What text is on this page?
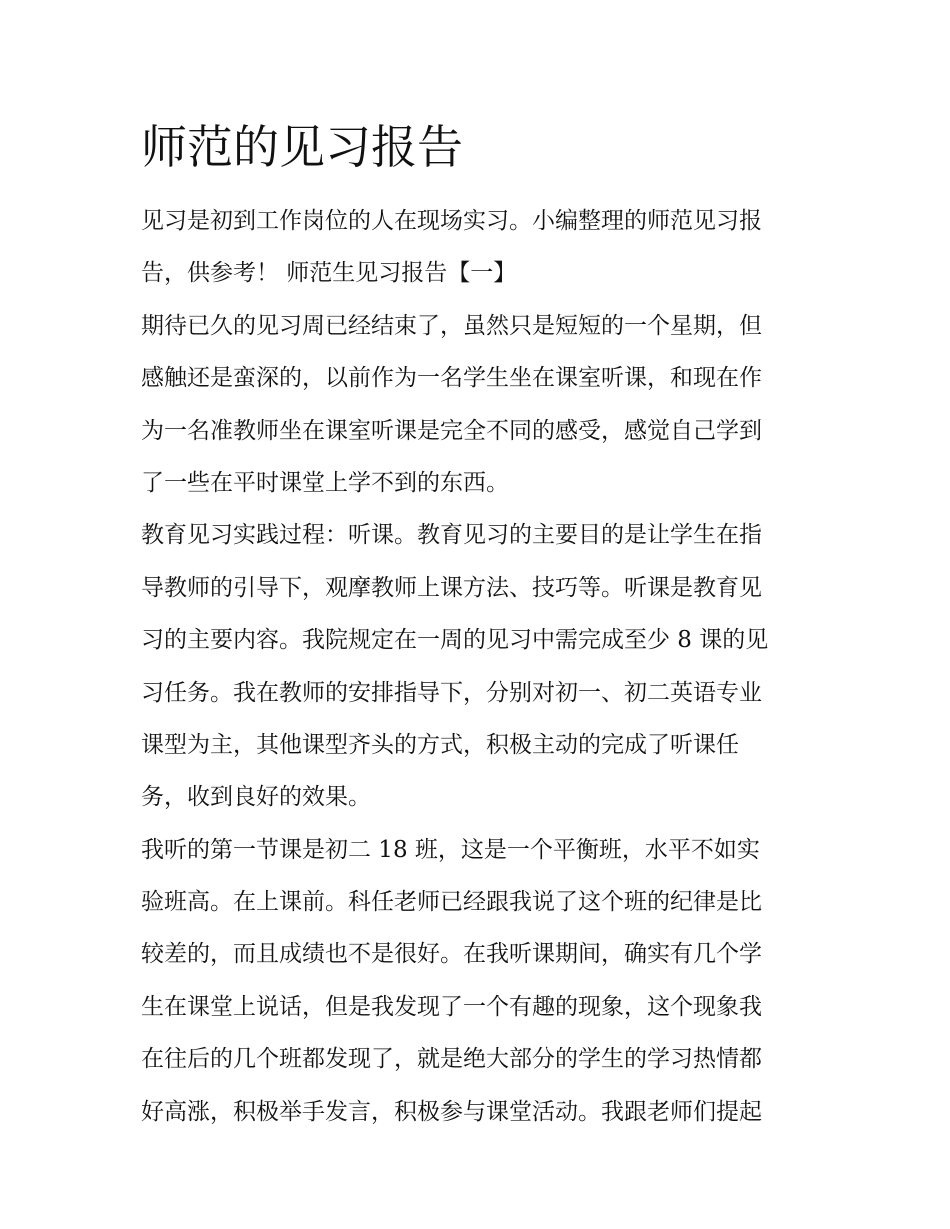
师范的见习报告
见习是初到工作岗位的人在现场实习。小编整理的师范见习报
告，供参考！ 师范生见习报告【一】
期待已久的见习周已经结束了，虽然只是短短的一个星期，但
感触还是蛮深的，以前作为一名学生坐在课室听课，和现在作
为一名准教师坐在课室听课是完全不同的感受，感觉自己学到
了一些在平时课堂上学不到的东西。
教育见习实践过程：听课。教育见习的主要目的是让学生在指
导教师的引导下，观摩教师上课方法、技巧等。听课是教育见
习的主要内容。我院规定在一周的见习中需完成至少 8 课的见
习任务。我在教师的安排指导下，分别对初一、初二英语专业
课型为主，其他课型齐头的方式，积极主动的完成了听课任
务，收到良好的效果。
我听的第一节课是初二 18 班，这是一个平衡班，水平不如实
验班高。在上课前。科任老师已经跟我说了这个班的纪律是比
较差的，而且成绩也不是很好。在我听课期间，确实有几个学
生在课堂上说话，但是我发现了一个有趣的现象，这个现象我
在往后的几个班都发现了，就是绝大部分的学生的学习热情都
好高涨，积极举手发言，积极参与课堂活动。我跟老师们提起
